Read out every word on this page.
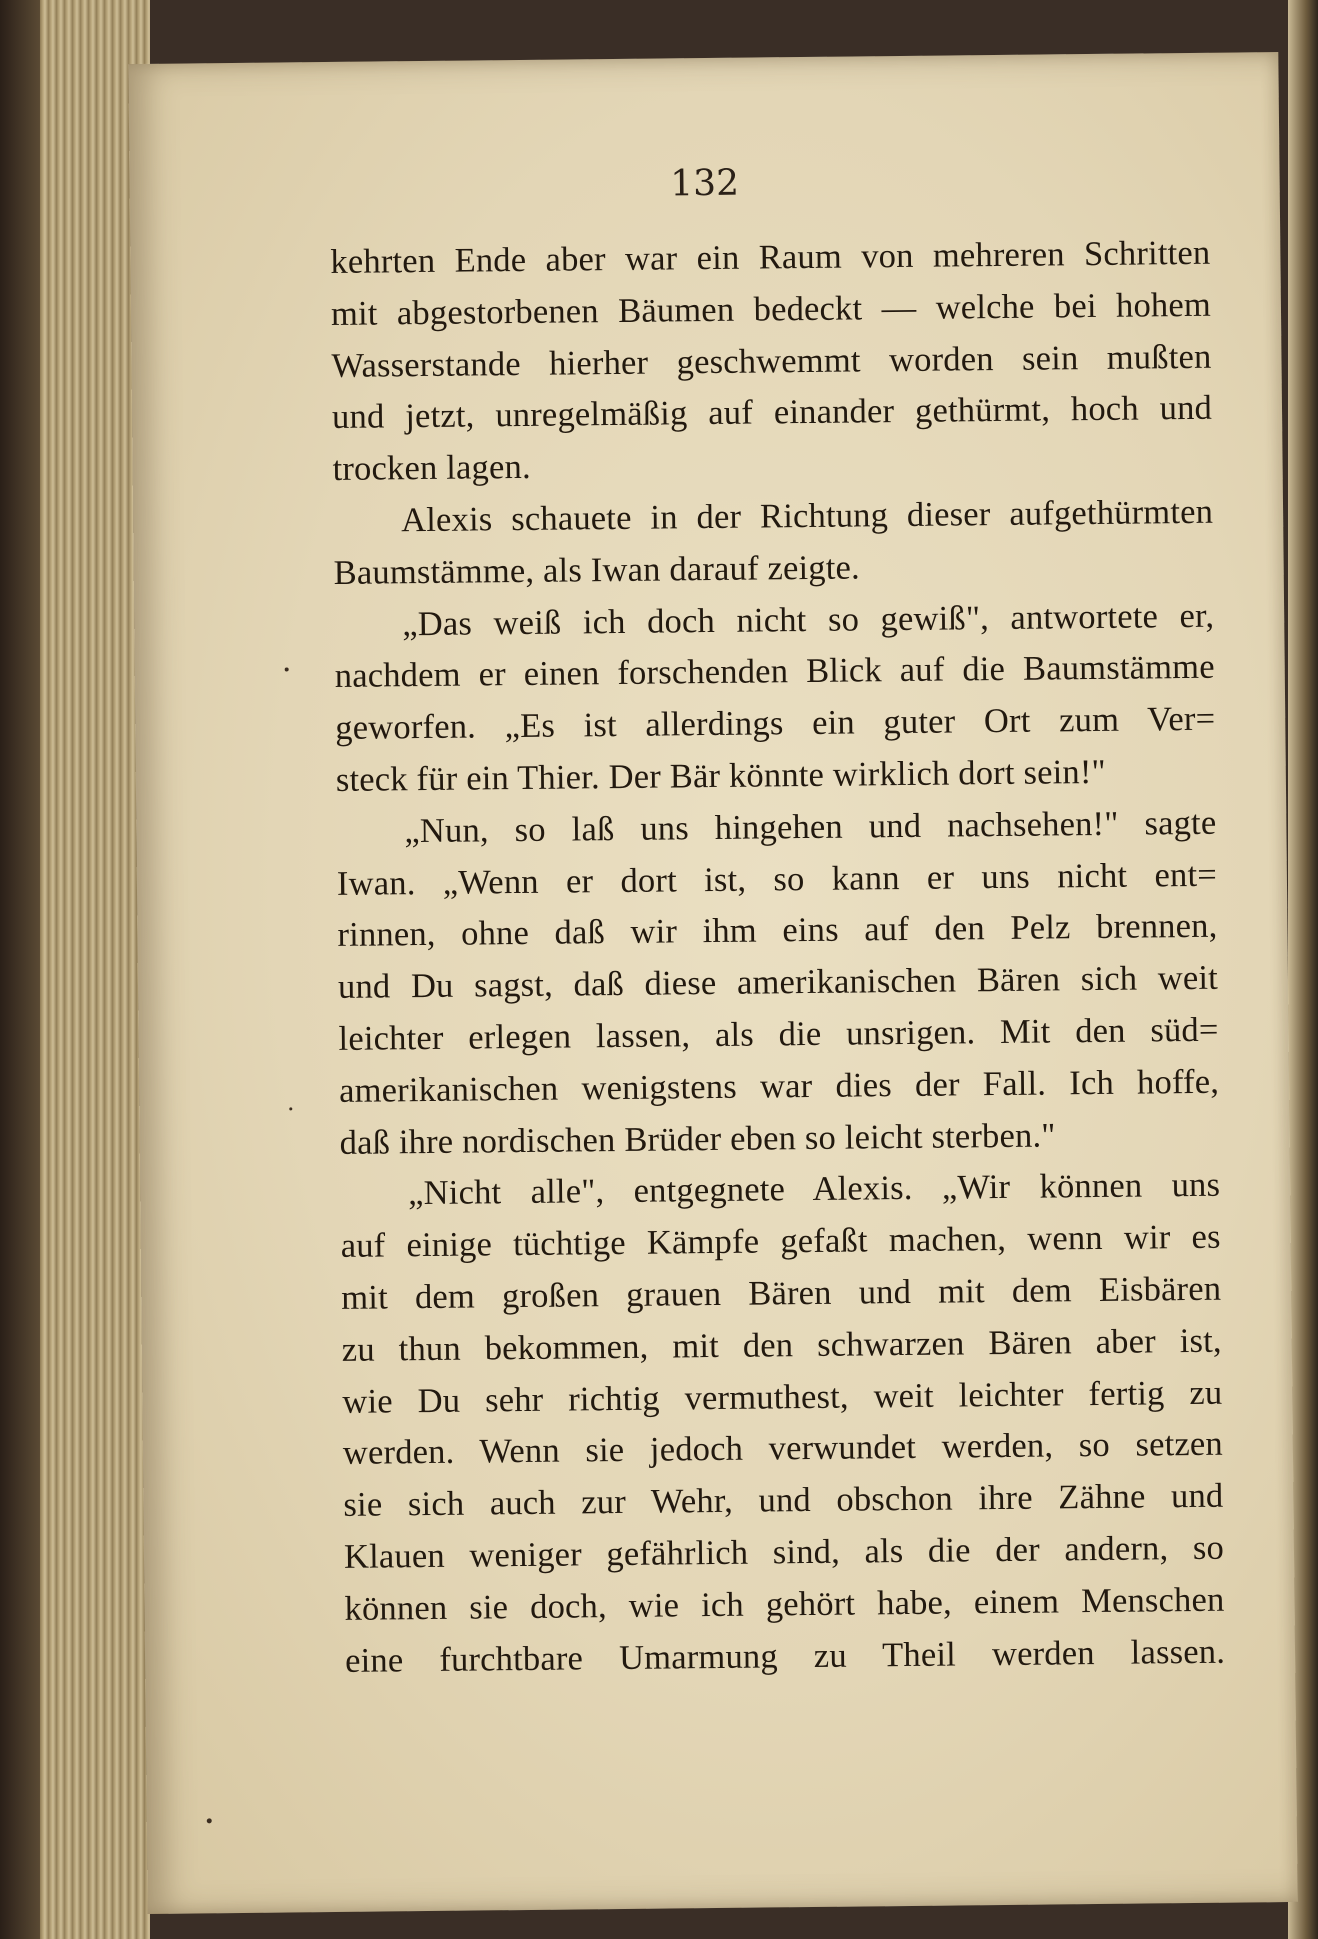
132
kehrten Ende aber war ein Raum von mehreren Schritten
mit abgestorbenen Bäumen bedeckt — welche bei hohem
Wasserstande hierher geschwemmt worden sein mußten
und jetzt, unregelmäßig auf einander gethürmt, hoch und
trocken lagen.
Alexis schauete in der Richtung dieser aufgethürmten
Baumstämme, als Iwan darauf zeigte.
„Das weiß ich doch nicht so gewiß", antwortete er,
nachdem er einen forschenden Blick auf die Baumstämme
geworfen. „Es ist allerdings ein guter Ort zum Ver=
steck für ein Thier. Der Bär könnte wirklich dort sein!"
„Nun, so laß uns hingehen und nachsehen!" sagte
Iwan. „Wenn er dort ist, so kann er uns nicht ent=
rinnen, ohne daß wir ihm eins auf den Pelz brennen,
und Du sagst, daß diese amerikanischen Bären sich weit
leichter erlegen lassen, als die unsrigen. Mit den süd=
amerikanischen wenigstens war dies der Fall. Ich hoffe,
daß ihre nordischen Brüder eben so leicht sterben."
„Nicht alle", entgegnete Alexis. „Wir können uns
auf einige tüchtige Kämpfe gefaßt machen, wenn wir es
mit dem großen grauen Bären und mit dem Eisbären
zu thun bekommen, mit den schwarzen Bären aber ist,
wie Du sehr richtig vermuthest, weit leichter fertig zu
werden. Wenn sie jedoch verwundet werden, so setzen
sie sich auch zur Wehr, und obschon ihre Zähne und
Klauen weniger gefährlich sind, als die der andern, so
können sie doch, wie ich gehört habe, einem Menschen
eine furchtbare Umarmung zu Theil werden lassen.
